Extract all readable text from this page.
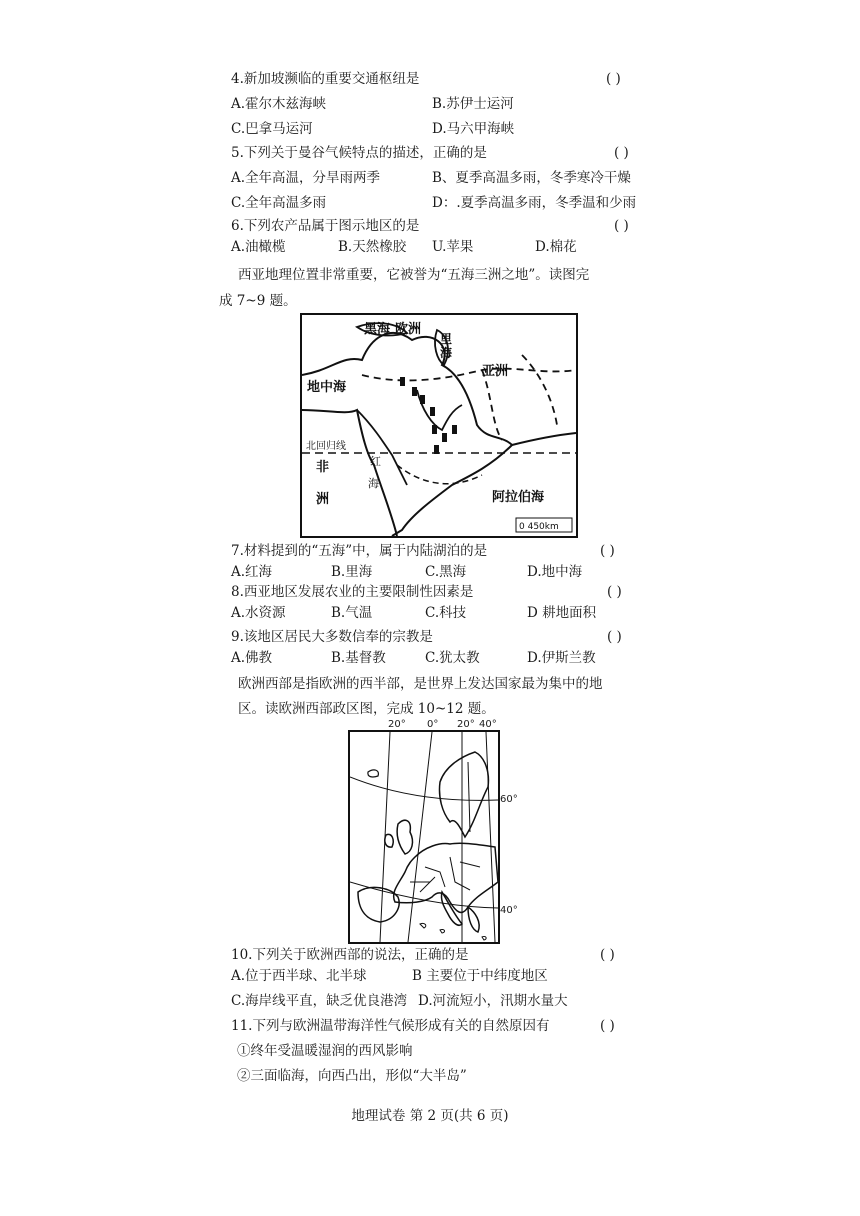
4.新加坡濒临的重要交通枢纽是	( )
A.霍尔木兹海峡	B.苏伊士运河
C.巴拿马运河	D.马六甲海峡
5.下列关于曼谷气候特点的描述，正确的是	( )
A.全年高温，分旱雨两季	B、夏季高温多雨，冬季寒冷干燥
C.全年高温多雨	D：.夏季高温多雨，冬季温和少雨
6.下列农产品属于图示地区的是	( )
A.油橄榄	B.天然橡胶 U.苹果	D.棉花
西亚地理位置非常重要，它被誉为“五海三洲之地”。读图完
成 7~9 题。
黑海 欧洲
里
海
地中海
亚洲
北回归线
非
洲
红
海
阿拉伯海
0 450km
7.材料提到的“五海”中，属于内陆湖泊的是	( )
A.红海	B.里海	C.黑海	D.地中海
8.西亚地区发展农业的主要限制性因素是	( )
A.水资源	B.气温	C.科技	D 耕地面积
9.该地区居民大多数信奉的宗教是	( )
A.佛教	B.基督教	C.犹太教	D.伊斯兰教
欧洲西部是指欧洲的西半部，是世界上发达国家最为集中的地
区。读欧洲西部政区图，完成 10~12 题。
20° 0° 20° 40°
60°
40°
10.下列关于欧洲西部的说法，正确的是	( )
A.位于西半球、北半球	B 主要位于中纬度地区
C.海岸线平直，缺乏优良港湾 D.河流短小，汛期水量大
11.下列与欧洲温带海洋性气候形成有关的自然原因有	( )
①终年受温暖湿润的西风影响
②三面临海，向西凸出，形似“大半岛”
地理试卷 第 2 页(共 6 页)
